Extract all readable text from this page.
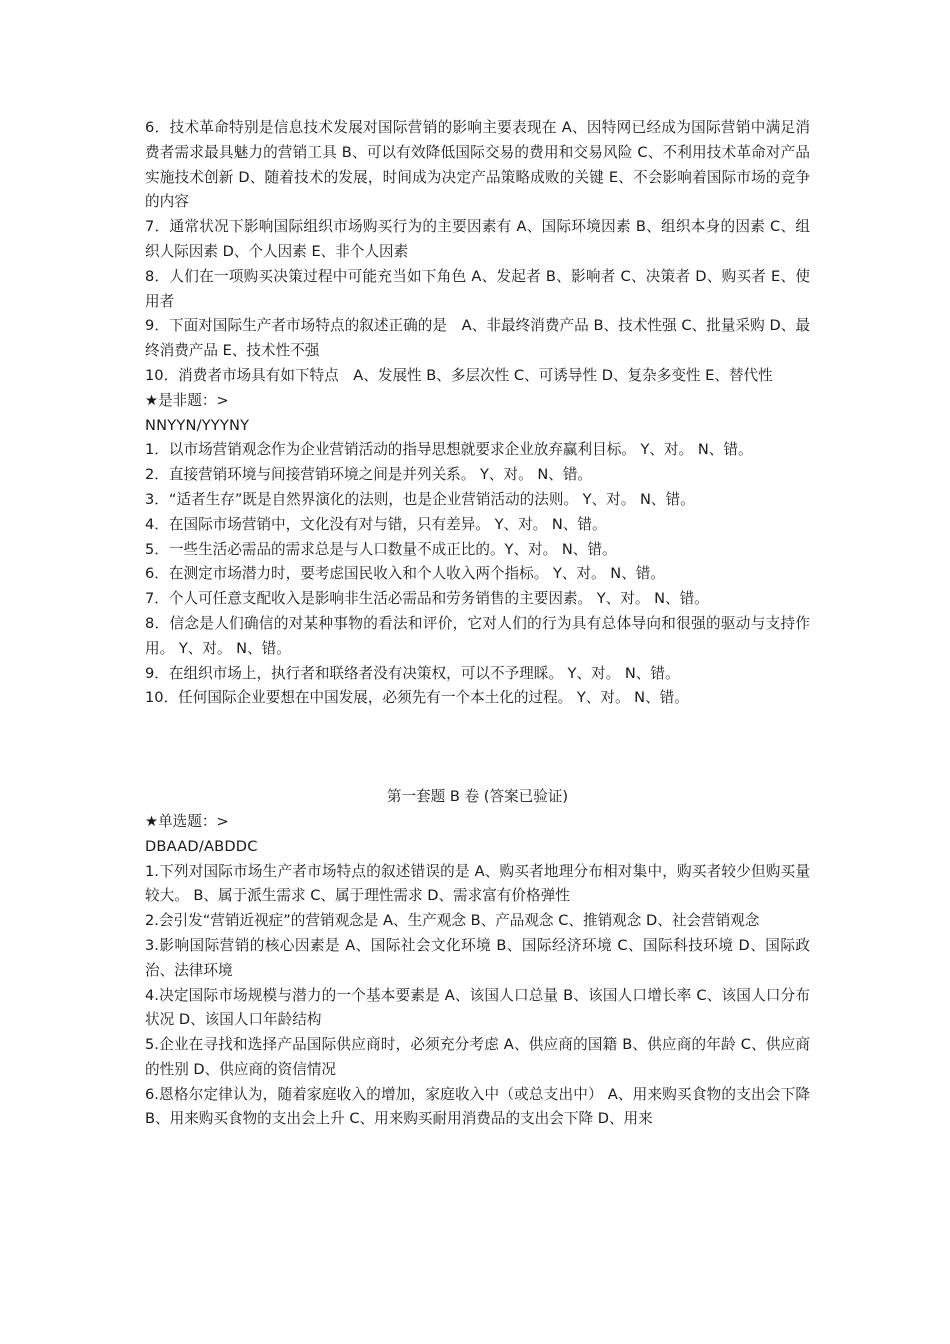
6．技术革命特别是信息技术发展对国际营销的影响主要表现在 A、因特网已经成为国际营销中满足消费者需求最具魅力的营销工具 B、可以有效降低国际交易的费用和交易风险 C、不利用技术革命对产品实施技术创新 D、随着技术的发展，时间成为决定产品策略成败的关键 E、不会影响着国际市场的竞争的内容

7．通常状况下影响国际组织市场购买行为的主要因素有 A、国际环境因素 B、组织本身的因素 C、组织人际因素 D、个人因素 E、非个人因素

8．人们在一项购买决策过程中可能充当如下角色 A、发起者 B、影响者 C、决策者 D、购买者 E、使用者

9．下面对国际生产者市场特点的叙述正确的是　A、非最终消费产品 B、技术性强 C、批量采购 D、最终消费产品 E、技术性不强

10．消费者市场具有如下特点　A、发展性 B、多层次性 C、可诱导性 D、复杂多变性 E、替代性

★是非题：>

NNYYN/YYYNY

1．以市场营销观念作为企业营销活动的指导思想就要求企业放弃赢利目标。 Y、对。 N、错。

2．直接营销环境与间接营销环境之间是并列关系。 Y、对。 N、错。

3．“适者生存”既是自然界演化的法则，也是企业营销活动的法则。 Y、对。 N、错。

4．在国际市场营销中，文化没有对与错，只有差异。 Y、对。 N、错。

5．一些生活必需品的需求总是与人口数量不成正比的。Y、对。 N、错。

6．在测定市场潜力时，要考虑国民收入和个人收入两个指标。 Y、对。 N、错。

7．个人可任意支配收入是影响非生活必需品和劳务销售的主要因素。 Y、对。 N、错。

8．信念是人们确信的对某种事物的看法和评价，它对人们的行为具有总体导向和很强的驱动与支持作用。 Y、对。 N、错。

9．在组织市场上，执行者和联络者没有决策权，可以不予理睬。 Y、对。 N、错。

10．任何国际企业要想在中国发展，必须先有一个本土化的过程。 Y、对。 N、错。

第一套题 B 卷 (答案已验证)

★单选题：>

DBAAD/ABDDC

1.下列对国际市场生产者市场特点的叙述错误的是 A、购买者地理分布相对集中，购买者较少但购买量较大。 B、属于派生需求 C、属于理性需求 D、需求富有价格弹性

2.会引发“营销近视症”的营销观念是 A、生产观念 B、产品观念 C、推销观念 D、社会营销观念

3.影响国际营销的核心因素是 A、国际社会文化环境 B、国际经济环境 C、国际科技环境 D、国际政治、法律环境

4.决定国际市场规模与潜力的一个基本要素是 A、该国人口总量 B、该国人口增长率 C、该国人口分布状况 D、该国人口年龄结构

5.企业在寻找和选择产品国际供应商时，必须充分考虑 A、供应商的国籍 B、供应商的年龄 C、供应商的性别 D、供应商的资信情况

6.恩格尔定律认为，随着家庭收入的增加，家庭收入中（或总支出中） A、用来购买食物的支出会下降 B、用来购买食物的支出会上升 C、用来购买耐用消费品的支出会下降 D、用来
